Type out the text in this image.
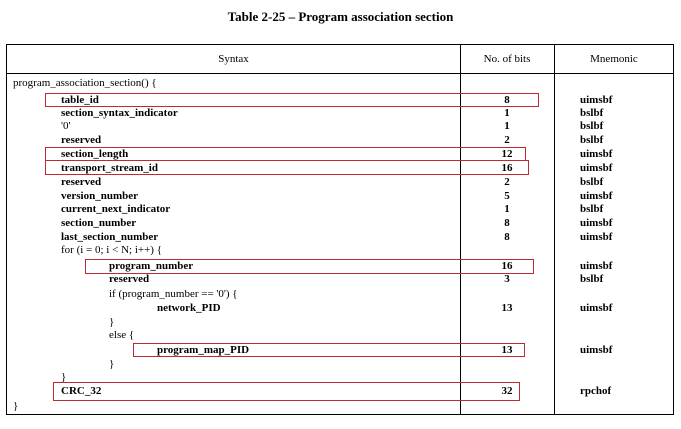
Table 2-25 – Program association section
Syntax	No. of bits	Mnemonic
program_association_section() {
table_id	8	uimsbf
section_syntax_indicator	1	bslbf
'0'	1	bslbf
reserved	2	bslbf
section_length	12	uimsbf
transport_stream_id	16	uimsbf
reserved	2	bslbf
version_number	5	uimsbf
current_next_indicator	1	bslbf
section_number	8	uimsbf
last_section_number	8	uimsbf
for (i = 0; i < N; i++) {
program_number	16	uimsbf
reserved	3	bslbf
if (program_number == '0') {
network_PID	13	uimsbf
}
else {
program_map_PID	13	uimsbf
}
}
CRC_32	32	rpchof
}
